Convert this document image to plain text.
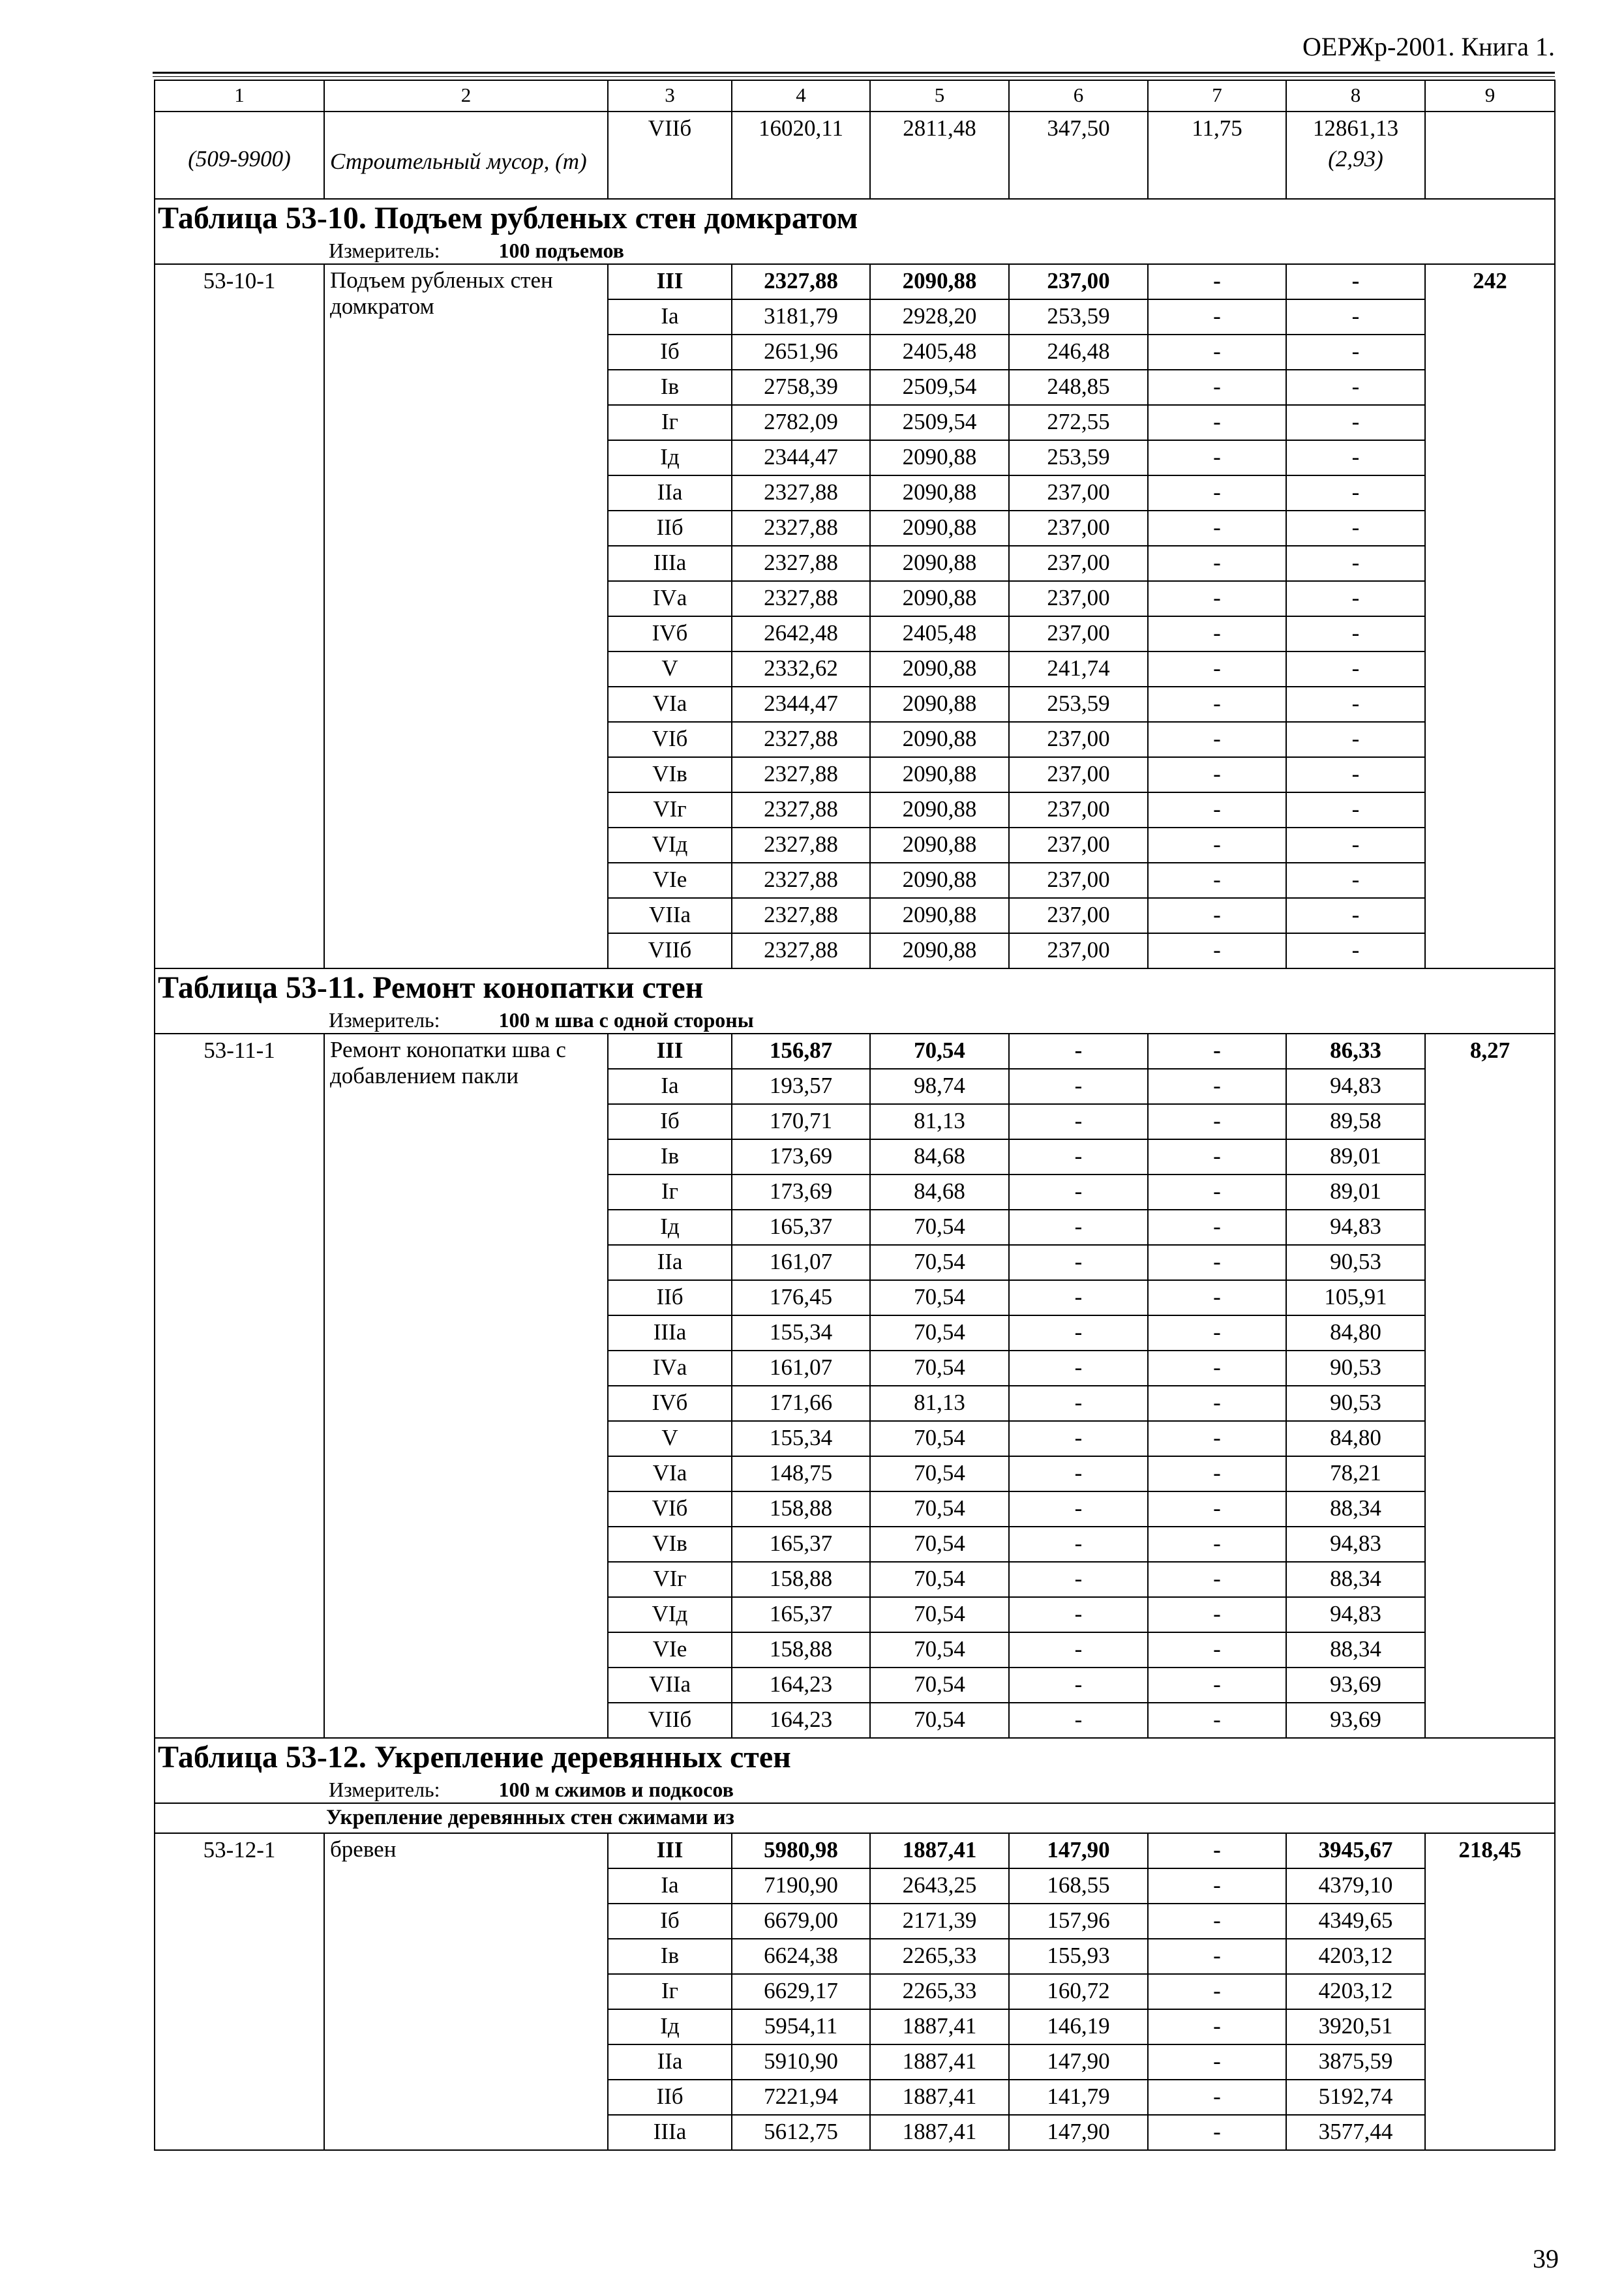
ОЕРЖр-2001. Книга 1.
1	2	3	4	5	6	7	8	9
		VIIб	16020,11	2811,48	347,50	11,75	12861,13	
(509-9900)	Строительный мусор, (т)						(2,93)	
Таблица 53-10. Подъем рубленых стен домкратом
Измеритель: 100 подъемов								

53-10-1	Подъем рубленых стен домкратом	III	2327,88	2090,88	237,00	-	-	242
		Iа	3181,79	2928,20	253,59	-	-	
		Iб	2651,96	2405,48	246,48	-	-	
		Iв	2758,39	2509,54	248,85	-	-	
		Iг	2782,09	2509,54	272,55	-	-	
		Iд	2344,47	2090,88	253,59	-	-	
		IIа	2327,88	2090,88	237,00	-	-	
		IIб	2327,88	2090,88	237,00	-	-	
		IIIа	2327,88	2090,88	237,00	-	-	
		IVа	2327,88	2090,88	237,00	-	-	
		IVб	2642,48	2405,48	237,00	-	-	
		V	2332,62	2090,88	241,74	-	-	
		VIа	2344,47	2090,88	253,59	-	-	
		VIб	2327,88	2090,88	237,00	-	-	
		VIв	2327,88	2090,88	237,00	-	-	
		VIг	2327,88	2090,88	237,00	-	-	
		VIд	2327,88	2090,88	237,00	-	-	
		VIе	2327,88	2090,88	237,00	-	-	
		VIIа	2327,88	2090,88	237,00	-	-	
		VIIб	2327,88	2090,88	237,00	-	-	
Таблица 53-11. Ремонт конопатки стен
Измеритель: 100 м шва с одной стороны								

53-11-1	Ремонт конопатки шва с добавлением пакли	III	156,87	70,54	-	-	86,33	8,27
		Iа	193,57	98,74	-	-	94,83	
		Iб	170,71	81,13	-	-	89,58	
		Iв	173,69	84,68	-	-	89,01	
		Iг	173,69	84,68	-	-	89,01	
		Iд	165,37	70,54	-	-	94,83	
		IIа	161,07	70,54	-	-	90,53	
		IIб	176,45	70,54	-	-	105,91	
		IIIа	155,34	70,54	-	-	84,80	
		IVа	161,07	70,54	-	-	90,53	
		IVб	171,66	81,13	-	-	90,53	
		V	155,34	70,54	-	-	84,80	
		VIа	148,75	70,54	-	-	78,21	
		VIб	158,88	70,54	-	-	88,34	
		VIв	165,37	70,54	-	-	94,83	
		VIг	158,88	70,54	-	-	88,34	
		VIд	165,37	70,54	-	-	94,83	
		VIе	158,88	70,54	-	-	88,34	
		VIIа	164,23	70,54	-	-	93,69	
		VIIб	164,23	70,54	-	-	93,69	
Таблица 53-12. Укрепление деревянных стен
Измеритель: 100 м сжимов и подкосов								

Укрепление деревянных стен сжимами из								
53-12-1	бревен	III	5980,98	1887,41	147,90	-	3945,67	218,45
		Iа	7190,90	2643,25	168,55	-	4379,10	
		Iб	6679,00	2171,39	157,96	-	4349,65	
		Iв	6624,38	2265,33	155,93	-	4203,12	
		Iг	6629,17	2265,33	160,72	-	4203,12	
		Iд	5954,11	1887,41	146,19	-	3920,51	
		IIа	5910,90	1887,41	147,90	-	3875,59	
		IIб	7221,94	1887,41	141,79	-	5192,74	
		IIIа	5612,75	1887,41	147,90	-	3577,44	
39
